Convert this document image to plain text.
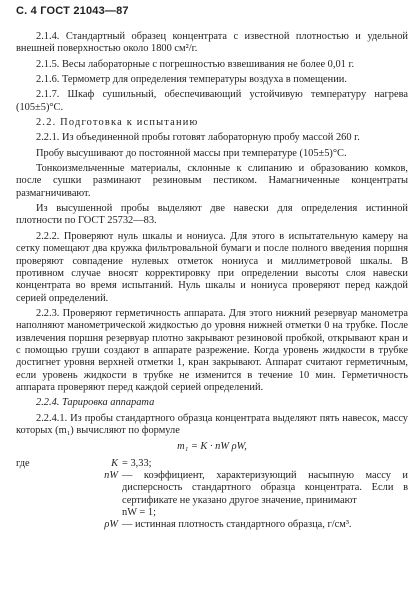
С. 4 ГОСТ 21043—87

2.1.4. Стандартный образец концентрата с известной плотностью и удельной внешней поверхностью около 1800 см²/г.

2.1.5. Весы лабораторные с погрешностью взвешивания не более 0,01 г.

2.1.6. Термометр для определения температуры воздуха в помещении.

2.1.7. Шкаф сушильный, обеспечивающий устойчивую температуру нагрева (105±5)°С.

2.2. Подготовка к испытанию

2.2.1. Из объединенной пробы готовят лабораторную пробу массой 260 г.

Пробу высушивают до постоянной массы при температуре (105±5)°С.

Тонкоизмельченные материалы, склонные к слипанию и образованию комков, после сушки разминают резиновым пестиком. Намагниченные концентраты размагничивают.

Из высушенной пробы выделяют две навески для определения истинной плотности по ГОСТ 25732—83.

2.2.2. Проверяют нуль шкалы и нониуса. Для этого в испытательную камеру на сетку помещают два кружка фильтровальной бумаги и после полного введения поршня проверяют совпадение нулевых отметок нониуса и миллиметровой шкалы. В противном случае вносят корректировку при определении высоты слоя навески концентрата во время испытаний. Нуль шкалы и нониуса проверяют перед каждой серией определений.

2.2.3. Проверяют герметичность аппарата. Для этого нижний резервуар манометра наполняют манометрической жидкостью до уровня нижней отметки 0 на трубке. После извлечения поршня резервуар плотно закрывают резиновой пробкой, открывают кран и с помощью груши создают в аппарате разрежение. Когда уровень жидкости в трубке достигнет уровня верхней отметки 1, кран закрывают. Аппарат считают герметичным, если уровень жидкости в трубке не изменится в течение 10 мин. Герметичность аппарата проверяют перед каждой серией определений.

2.2.4. Тарировка аппарата

2.2.4.1. Из пробы стандартного образца концентрата выделяют пять навесок, массу которых (m₁) вычисляют по формуле

m₁ = K · nW ρW,
где	K = 3,33;
nW — коэффициент, характеризующий насыпную массу и дисперсность стандартного образца концентрата. Если в сертификате не указано другое значение, принимают
nW = 1;
ρW — истинная плотность стандартного образца, г/см³.
